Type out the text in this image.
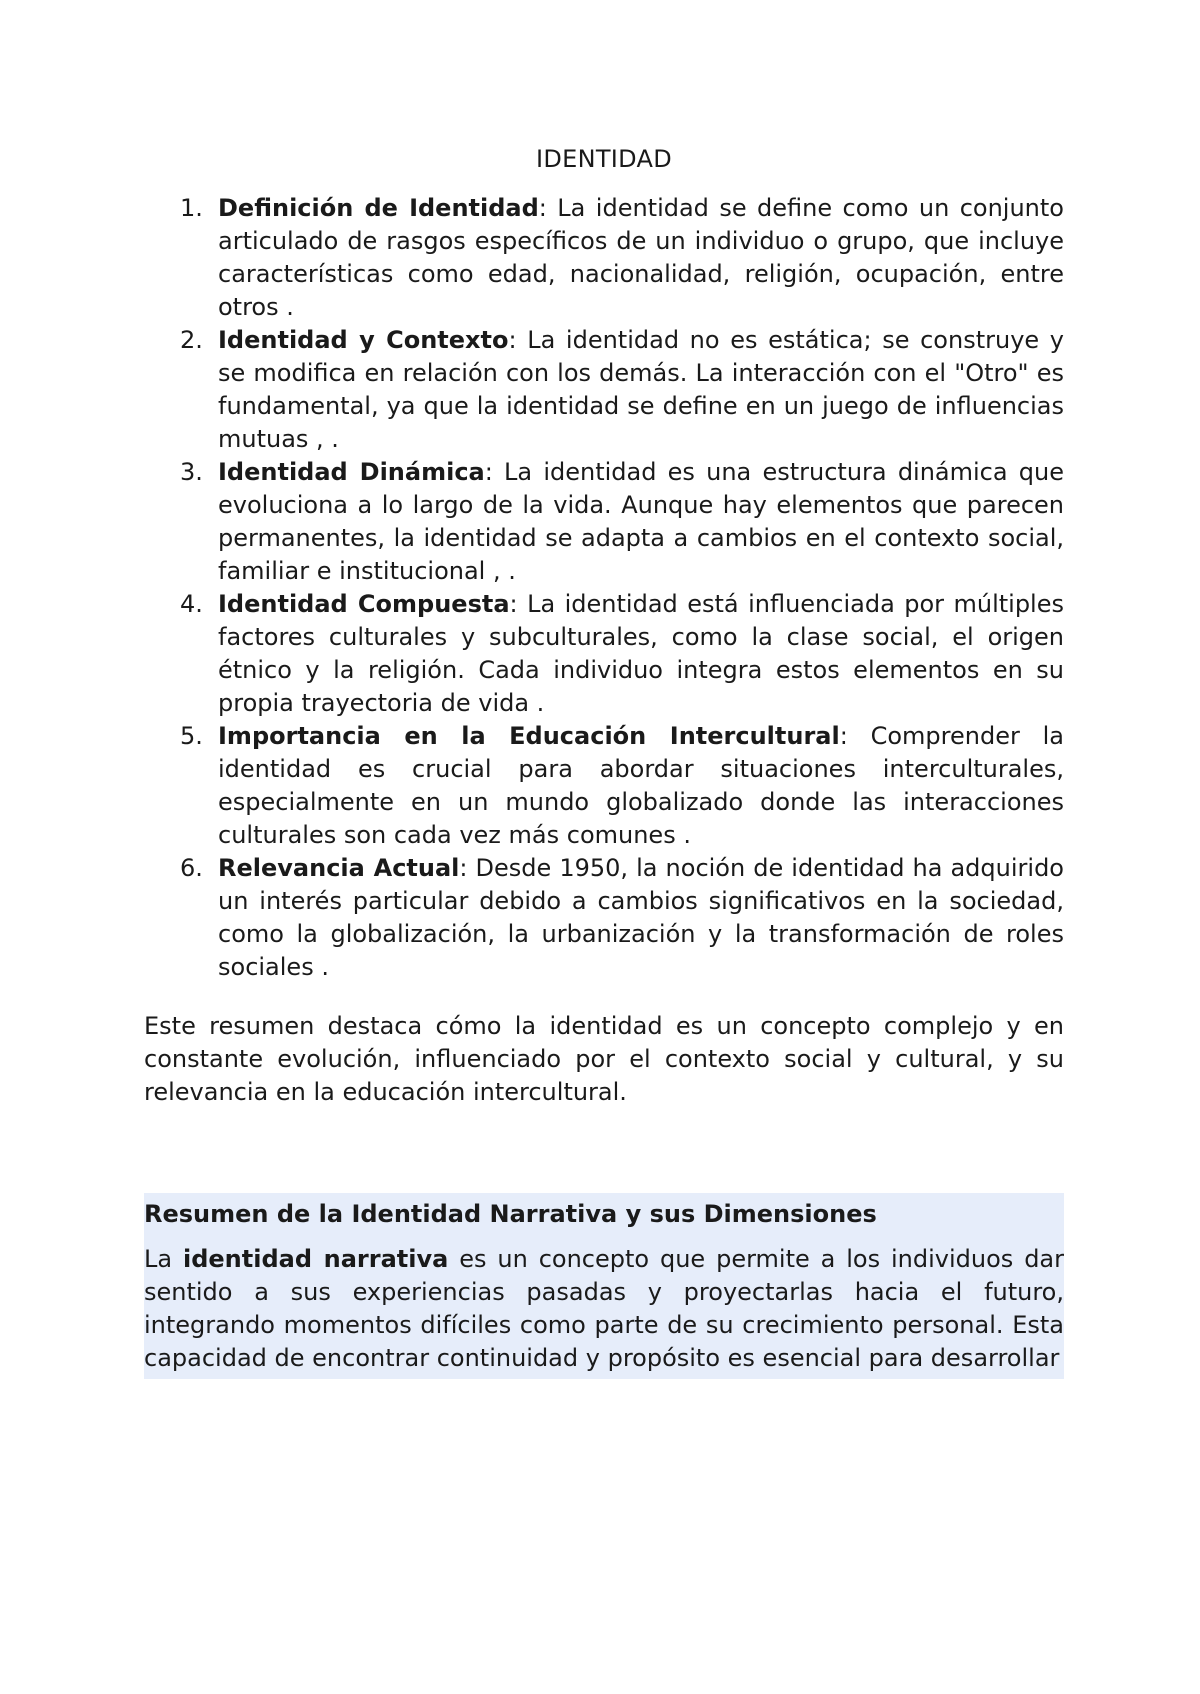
IDENTIDAD
1. Definición de Identidad: La identidad se define como un conjunto articulado de rasgos específicos de un individuo o grupo, que incluye características como edad, nacionalidad, religión, ocupación, entre otros .
2. Identidad y Contexto: La identidad no es estática; se construye y se modifica en relación con los demás. La interacción con el "Otro" es fundamental, ya que la identidad se define en un juego de influencias mutuas , .
3. Identidad Dinámica: La identidad es una estructura dinámica que evoluciona a lo largo de la vida. Aunque hay elementos que parecen permanentes, la identidad se adapta a cambios en el contexto social, familiar e institucional , .
4. Identidad Compuesta: La identidad está influenciada por múltiples factores culturales y subculturales, como la clase social, el origen étnico y la religión. Cada individuo integra estos elementos en su propia trayectoria de vida .
5. Importancia en la Educación Intercultural: Comprender la identidad es crucial para abordar situaciones interculturales, especialmente en un mundo globalizado donde las interacciones culturales son cada vez más comunes .
6. Relevancia Actual: Desde 1950, la noción de identidad ha adquirido un interés particular debido a cambios significativos en la sociedad, como la globalización, la urbanización y la transformación de roles sociales .

Este resumen destaca cómo la identidad es un concepto complejo y en constante evolución, influenciado por el contexto social y cultural, y su relevancia en la educación intercultural.

Resumen de la Identidad Narrativa y sus Dimensiones

La identidad narrativa es un concepto que permite a los individuos dar sentido a sus experiencias pasadas y proyectarlas hacia el futuro, integrando momentos difíciles como parte de su crecimiento personal. Esta capacidad de encontrar continuidad y propósito es esencial para desarrollar
